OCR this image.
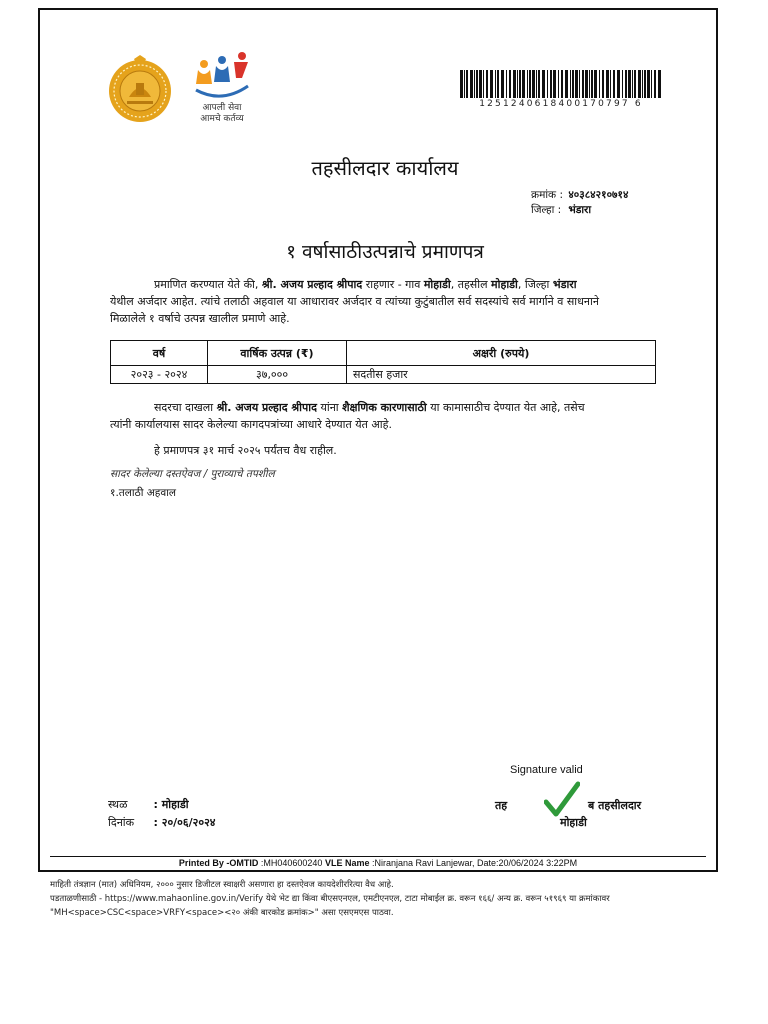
आपली सेवा
आमचे कर्तव्य
1251240618400170797 6
तहसीलदार कार्यालय
क्रमांक : ४०३८४२१०७१४
जिल्हा : भंडारा
१ वर्षासाठीउत्पन्नाचे प्रमाणपत्र
प्रमाणित करण्यात येते की, श्री. अजय प्रल्हाद श्रीपाद राहणार - गाव मोहाडी, तहसील मोहाडी, जिल्हा भंडारा
येथील अर्जदार आहेत. त्यांचे तलाठी अहवाल या आधारावर अर्जदार व त्यांच्या कुटुंबातील सर्व सदस्यांचे सर्व मार्गाने व साधनाने
मिळालेले १ वर्षाचे उत्पन्न खालील प्रमाणे आहे.
वर्ष	वार्षिक उत्पन्न (₹)	अक्षरी (रुपये)
२०२३ - २०२४	३७,०००	सदतीस हजार
सदरचा दाखला श्री. अजय प्रल्हाद श्रीपाद यांना शैक्षणिक कारणासाठी या कामासाठीच देण्यात येत आहे, तसेच
त्यांनी कार्यालयास सादर केलेल्या कागदपत्रांच्या आधारे देण्यात येत आहे.
हे प्रमाणपत्र ३१ मार्च २०२५ पर्यंतच वैध राहील.
सादर केलेल्या दस्तऐवज / पुराव्याचे तपशील
१.तलाठी अहवाल
स्थळ : मोहाडी
दिनांक : २०/०६/२०२४
Signature valid
तह	ब तहसीलदार
मोहाडी
Printed By -OMTID :MH040600240 VLE Name :Niranjana Ravi Lanjewar, Date:20/06/2024 3:22PM
माहिती तंत्रज्ञान (मात) अधिनियम, २००० नुसार डिजीटल स्वाक्षरी असणारा हा दस्तऐवज कायदेशीररित्या वैध आहे.
पडताळणीसाठी - https://www.mahaonline.gov.in/Verify येथे भेट द्या किंवा बीएसएनएल, एमटीएनएल, टाटा मोबाईल क्र. वरून १६६/ अन्य क्र. वरून ५१९६९ या क्रमांकावर
"MH<space>CSC<space>VRFY<space><२० अंकी बारकोड क्रमांक>" असा एसएमएस पाठवा.
